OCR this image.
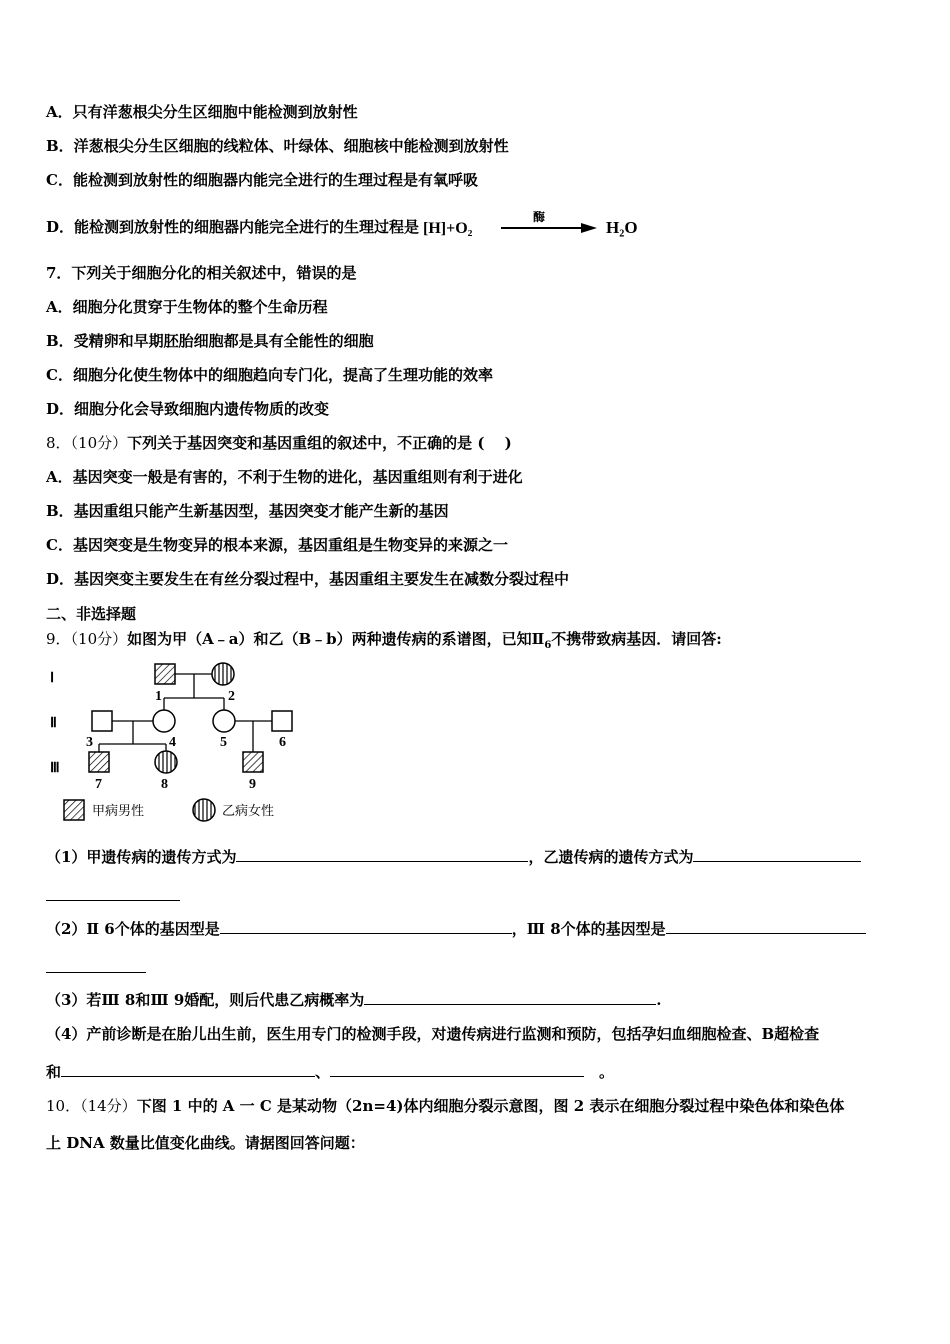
A．只有洋葱根尖分生区细胞中能检测到放射性
B．洋葱根尖分生区细胞的线粒体、叶绿体、细胞核中能检测到放射性
C．能检测到放射性的细胞器内能完全进行的生理过程是有氧呼吸
D．能检测到放射性的细胞器内能完全进行的生理过程是 [H]+O₂
酶
H₂O
7．下列关于细胞分化的相关叙述中，错误的是
A．细胞分化贯穿于生物体的整个生命历程
B．受精卵和早期胚胎细胞都是具有全能性的细胞
C．细胞分化使生物体中的细胞趋向专门化，提高了生理功能的效率
D．细胞分化会导致细胞内遗传物质的改变
8．（10分）下列关于基因突变和基因重组的叙述中，不正确的是 (　 )
A．基因突变一般是有害的，不利于生物的进化，基因重组则有利于进化
B．基因重组只能产生新基因型，基因突变才能产生新的基因
C．基因突变是生物变异的根本来源，基因重组是生物变异的来源之一
D．基因突变主要发生在有丝分裂过程中，基因重组主要发生在减数分裂过程中
二、非选择题
9．（10分）如图为甲（A﹣a）和乙（B﹣b）两种遗传病的系谱图，已知$Ⅱ_6$不携带致病基因．请回答:
Ⅰ
Ⅱ
Ⅲ
1	2
3	4	5	6
7	8	9
甲病男性	乙病女性
（1）甲遗传病的遗传方式为	，乙遗传病的遗传方式为
（2）Ⅱ 6个体的基因型是	，Ⅲ 8个体的基因型是
（3）若Ⅲ 8和Ⅲ 9婚配，则后代患乙病概率为	.
（4）产前诊断是在胎儿出生前，医生用专门的检测手段，对遗传病进行监测和预防，包括孕妇血细胞检查、B超检查
和	、	　。
10．（14分）下图 1 中的 A 一 C 是某动物（2n=4)体内细胞分裂示意图，图 2 表示在细胞分裂过程中染色体和染色体
上 DNA 数量比值变化曲线。请据图回答问题：
